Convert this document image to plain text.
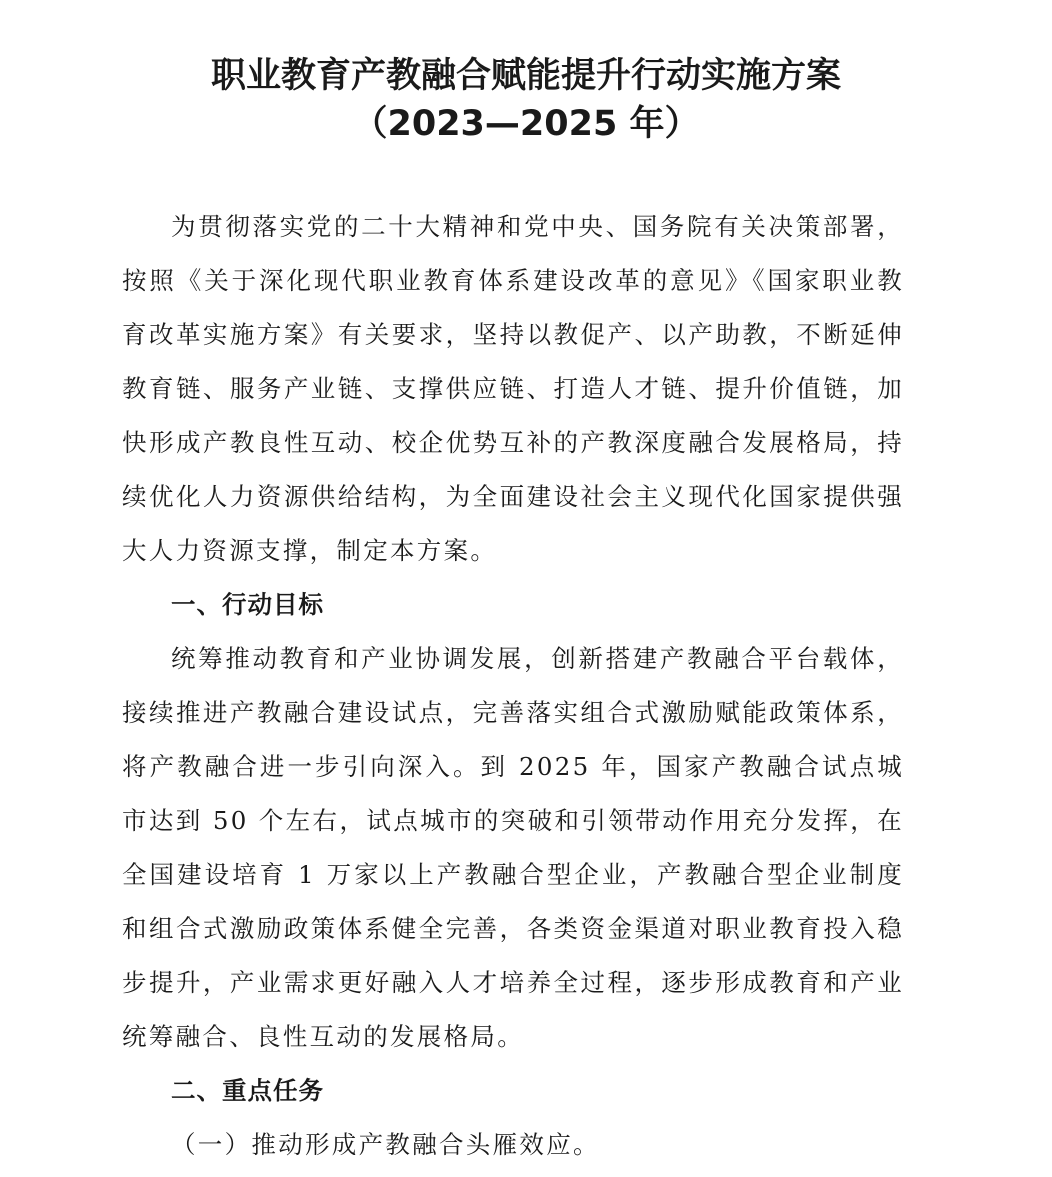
职业教育产教融合赋能提升行动实施方案
（2023—2025 年）

为贯彻落实党的二十大精神和党中央、国务院有关决策部署，按照《关于深化现代职业教育体系建设改革的意见》《国家职业教育改革实施方案》有关要求，坚持以教促产、以产助教，不断延伸教育链、服务产业链、支撑供应链、打造人才链、提升价值链，加快形成产教良性互动、校企优势互补的产教深度融合发展格局，持续优化人力资源供给结构，为全面建设社会主义现代化国家提供强大人力资源支撑，制定本方案。

一、行动目标

统筹推动教育和产业协调发展，创新搭建产教融合平台载体，接续推进产教融合建设试点，完善落实组合式激励赋能政策体系，将产教融合进一步引向深入。到 2025 年，国家产教融合试点城市达到 50 个左右，试点城市的突破和引领带动作用充分发挥，在全国建设培育 1 万家以上产教融合型企业，产教融合型企业制度和组合式激励政策体系健全完善，各类资金渠道对职业教育投入稳步提升，产业需求更好融入人才培养全过程，逐步形成教育和产业统筹融合、良性互动的发展格局。

二、重点任务

（一）推动形成产教融合头雁效应。
